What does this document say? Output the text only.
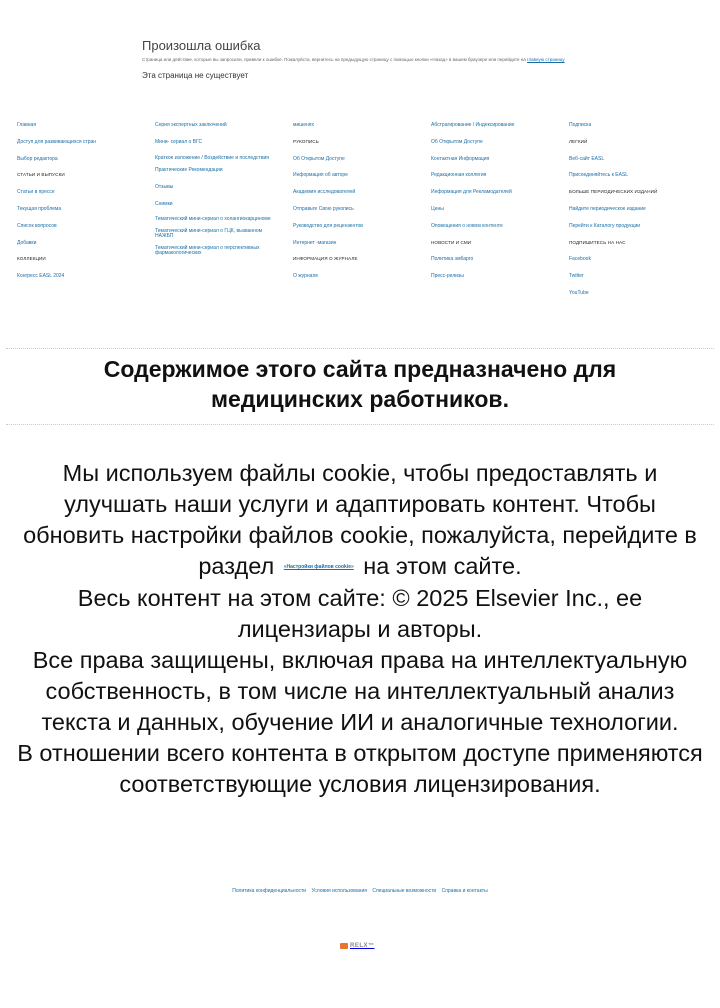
Произошла ошибка
Страница или действие, которые вы запросили, привели к ошибке. Пожалуйста, вернитесь на предыдущую страницу с помощью кнопки «Назад» в вашем браузере или перейдите на главную страницу
Эта страница не существует
Главная
Доступ для развивающихся стран
Выбор редактора
СТАТЬИ И ВЫПУСКИ
Статьи в прессе
Текущая проблема
Список вопросов
Добавки
КОЛЛЕКЦИИ
Конгресс EASL 2024
Серия экспертных заключений
Мини- сериал о ВГС
Краткое изложение / Воздействие и последствия
Практические Рекомендации
Отзывы
Снимки
Тематический мини-сериал о холангиокарциноме
Тематический мини-сериал о ГЦК, вызванном НАЖБП
Тематический мини-сериал о перспективных фармакологических
мишенях
РУКОПИСЬ
Об Открытом Доступе
Информация об авторе
Академия исследователей
Отправьте Свою рукопись
Руководство для рецензентов
Интернет -магазин
ИНФОРМАЦИЯ О ЖУРНАЛЕ
О журнале
Абстрагирование / Индексирование
Об Открытом Доступе
Контактная Информация
Редакционная коллегия
Информация для Рекламодателей
Цены
Оповещения о новом контенте
НОВОСТИ И СМИ
Политика эмбарго
Пресс-релизы
Подписка
ЛЕГКИЙ
Веб-сайт EASL
Присоединяйтесь к EASL
БОЛЬШЕ ПЕРИОДИЧЕСКИХ ИЗДАНИЙ
Найдите периодическое издание
Перейти к Каталогу продукции
ПОДПИШИТЕСЬ НА НАС
Facebook
Twitter
YouTube
Содержимое этого сайта предназначено для медицинских работников.

Мы используем файлы cookie, чтобы предоставлять и улучшать наши услуги и адаптировать контент. Чтобы обновить настройки файлов cookie, пожалуйста, перейдите в раздел «Настройки файлов cookie» на этом сайте.

Весь контент на этом сайте: © 2025 Elsevier Inc., ее лицензиары и авторы.

Все права защищены, включая права на интеллектуальную собственность, в том числе на интеллектуальный анализ текста и данных, обучение ИИ и аналогичные технологии.

В отношении всего контента в открытом доступе применяются соответствующие условия лицензирования.

Политика конфиденциальности Условия использования Специальные возможности Справка и контакты
RELX™
